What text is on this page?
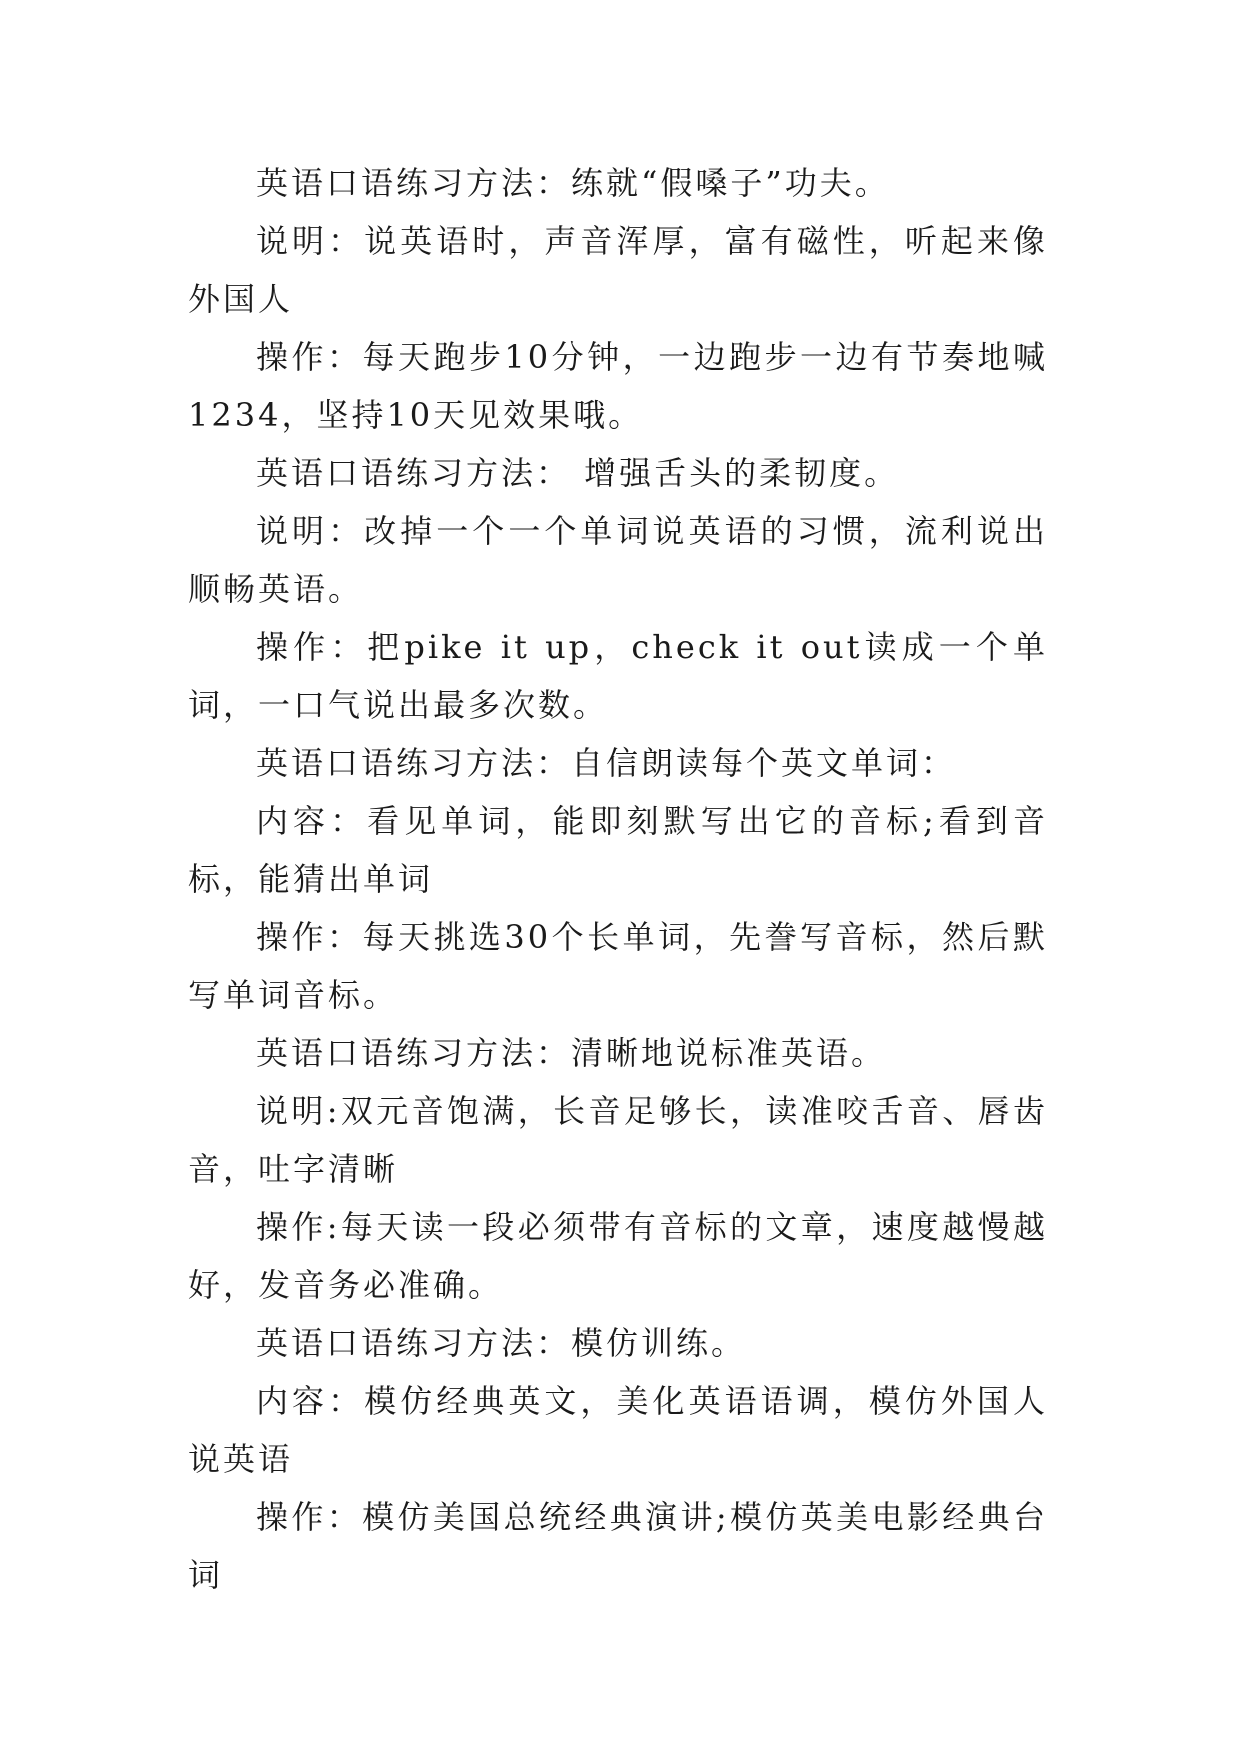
英语口语练习方法：练就“假嗓子”功夫。

说明：说英语时，声音浑厚，富有磁性，听起来像外国人

操作：每天跑步10分钟，一边跑步一边有节奏地喊1234，坚持10天见效果哦。

英语口语练习方法： 增强舌头的柔韧度。

说明：改掉一个一个单词说英语的习惯，流利说出顺畅英语。

操作：把pike it up，check it out读成一个单词，一口气说出最多次数。

英语口语练习方法：自信朗读每个英文单词：

内容：看见单词，能即刻默写出它的音标;看到音标，能猜出单词

操作：每天挑选30个长单词，先誊写音标，然后默写单词音标。

英语口语练习方法：清晰地说标准英语。

说明:双元音饱满，长音足够长，读准咬舌音、唇齿音，吐字清晰

操作:每天读一段必须带有音标的文章，速度越慢越好，发音务必准确。

英语口语练习方法：模仿训练。

内容：模仿经典英文，美化英语语调，模仿外国人说英语

操作：模仿美国总统经典演讲;模仿英美电影经典台词
